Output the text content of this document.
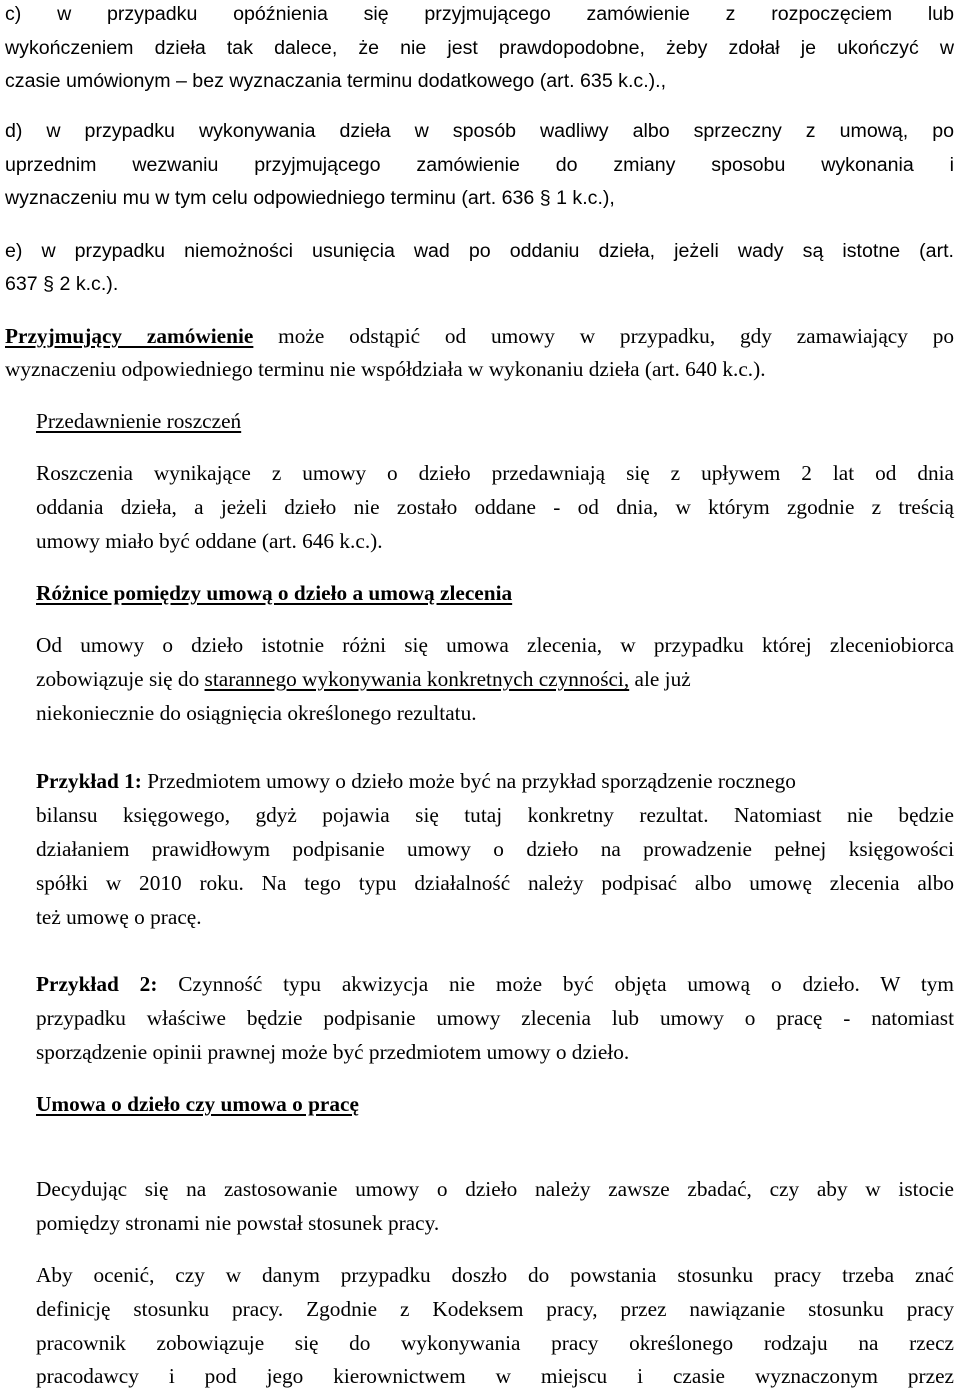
c) w przypadku opóźnienia się przyjmującego zamówienie z rozpoczęciem lub

wykończeniem dzieła tak dalece, że nie jest prawdopodobne, żeby zdołał je ukończyć w

czasie umówionym – bez wyznaczania terminu dodatkowego (art. 635 k.c.).,

d) w przypadku wykonywania dzieła w sposób wadliwy albo sprzeczny z umową, po

uprzednim wezwaniu przyjmującego zamówienie do zmiany sposobu wykonania i

wyznaczeniu mu w tym celu odpowiedniego terminu (art. 636 § 1 k.c.),

e) w przypadku niemożności usunięcia wad po oddaniu dzieła, jeżeli wady są istotne (art.

637 § 2 k.c.).

Przyjmujący zamówienie może odstąpić od umowy w przypadku, gdy zamawiający po

wyznaczeniu odpowiedniego terminu nie współdziała w wykonaniu dzieła (art. 640 k.c.).

Przedawnienie roszczeń

Roszczenia wynikające z umowy o dzieło przedawniają się z upływem 2 lat od dnia

oddania dzieła, a jeżeli dzieło nie zostało oddane - od dnia, w którym zgodnie z treścią

umowy miało być oddane (art. 646 k.c.).

Różnice pomiędzy umową o dzieło a umową zlecenia

Od umowy o dzieło istotnie różni się umowa zlecenia, w przypadku której zleceniobiorca

zobowiązuje się do starannego wykonywania konkretnych czynności, ale już

niekoniecznie do osiągnięcia określonego rezultatu.

Przykład 1: Przedmiotem umowy o dzieło może być na przykład sporządzenie rocznego

bilansu księgowego, gdyż pojawia się tutaj konkretny rezultat. Natomiast nie będzie

działaniem prawidłowym podpisanie umowy o dzieło na prowadzenie pełnej księgowości

spółki w 2010 roku. Na tego typu działalność należy podpisać albo umowę zlecenia albo

też umowę o pracę.

Przykład 2: Czynność typu akwizycja nie może być objęta umową o dzieło. W tym

przypadku właściwe będzie podpisanie umowy zlecenia lub umowy o pracę - natomiast

sporządzenie opinii prawnej może być przedmiotem umowy o dzieło.

Umowa o dzieło czy umowa o pracę

Decydując się na zastosowanie umowy o dzieło należy zawsze zbadać, czy aby w istocie

pomiędzy stronami nie powstał stosunek pracy.

Aby ocenić, czy w danym przypadku doszło do powstania stosunku pracy trzeba znać

definicję stosunku pracy. Zgodnie z Kodeksem pracy, przez nawiązanie stosunku pracy

pracownik zobowiązuje się do wykonywania pracy określonego rodzaju na rzecz

pracodawcy i pod jego kierownictwem w miejscu i czasie wyznaczonym przez
